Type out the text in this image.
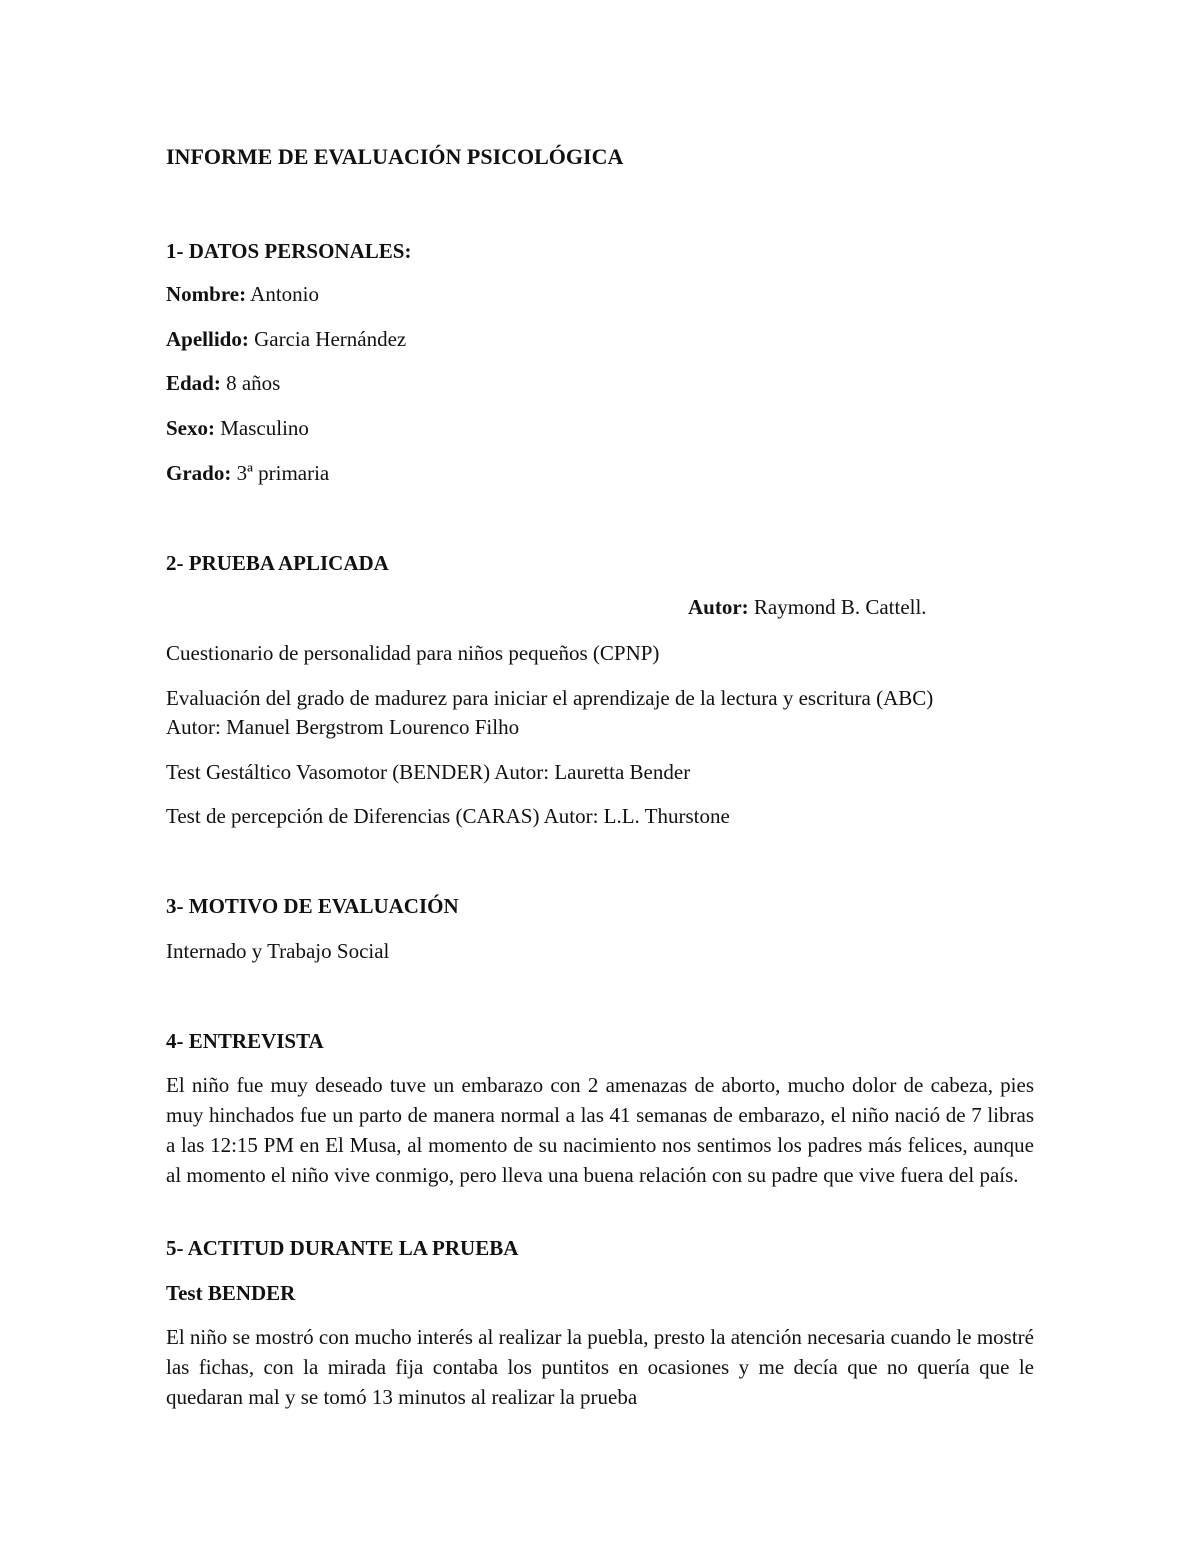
INFORME DE EVALUACIÓN PSICOLÓGICA
1- DATOS PERSONALES:
Nombre: Antonio
Apellido: Garcia Hernández
Edad: 8 años
Sexo: Masculino
Grado: 3ª primaria
2- PRUEBA APLICADA
Autor: Raymond B. Cattell.
Cuestionario de personalidad para niños pequeños (CPNP)
Evaluación del grado de madurez para iniciar el aprendizaje de la lectura y escritura (ABC)
Autor: Manuel Bergstrom Lourenco Filho
Test Gestáltico Vasomotor (BENDER) Autor: Lauretta Bender
Test de percepción de Diferencias (CARAS) Autor: L.L. Thurstone
3- MOTIVO DE EVALUACIÓN
Internado y Trabajo Social
4- ENTREVISTA
El niño fue muy deseado tuve un embarazo con 2 amenazas de aborto, mucho dolor de cabeza, pies muy hinchados fue un parto de manera normal a las 41 semanas de embarazo, el niño nació de 7 libras a las 12:15 PM en El Musa, al momento de su nacimiento nos sentimos los padres más felices, aunque al momento el niño vive conmigo, pero lleva una buena relación con su padre que vive fuera del país.
5- ACTITUD DURANTE LA PRUEBA
Test BENDER
El niño se mostró con mucho interés al realizar la puebla, presto la atención necesaria cuando le mostré las fichas, con la mirada fija contaba los puntitos en ocasiones y me decía que no quería que le quedaran mal y se tomó 13 minutos al realizar la prueba
